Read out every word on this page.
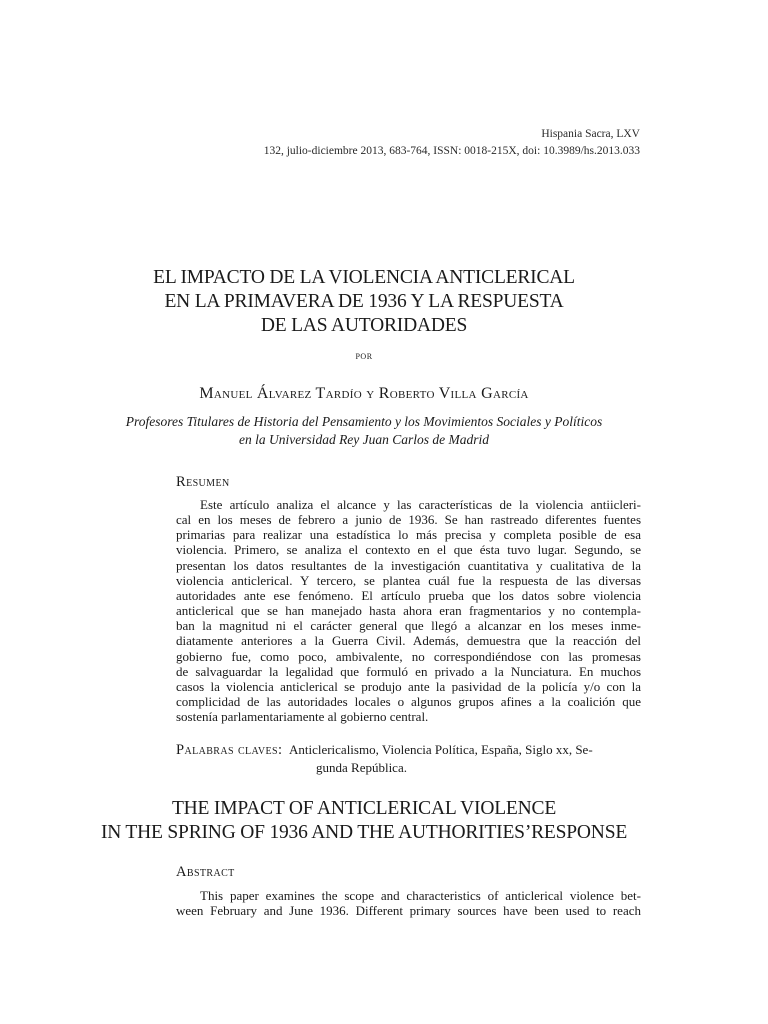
Hispania Sacra, LXV
132, julio-diciembre 2013, 683-764, ISSN: 0018-215X, doi: 10.3989/hs.2013.033
EL IMPACTO DE LA VIOLENCIA ANTICLERICAL
EN LA PRIMAVERA DE 1936 Y LA RESPUESTA
DE LAS AUTORIDADES
por
Manuel Álvarez Tardío y Roberto Villa García
Profesores Titulares de Historia del Pensamiento y los Movimientos Sociales y Políticos
en la Universidad Rey Juan Carlos de Madrid
Resumen
Este artículo analiza el alcance y las características de la violencia antiicleri-
cal en los meses de febrero a junio de 1936. Se han rastreado diferentes fuentes
primarias para realizar una estadística lo más precisa y completa posible de esa
violencia. Primero, se analiza el contexto en el que ésta tuvo lugar. Segundo, se
presentan los datos resultantes de la investigación cuantitativa y cualitativa de la
violencia anticlerical. Y tercero, se plantea cuál fue la respuesta de las diversas
autoridades ante ese fenómeno. El artículo prueba que los datos sobre violencia
anticlerical que se han manejado hasta ahora eran fragmentarios y no contempla-
ban la magnitud ni el carácter general que llegó a alcanzar en los meses inme-
diatamente anteriores a la Guerra Civil. Además, demuestra que la reacción del
gobierno fue, como poco, ambivalente, no correspondiéndose con las promesas
de salvaguardar la legalidad que formuló en privado a la Nunciatura. En muchos
casos la violencia anticlerical se produjo ante la pasividad de la policía y/o con la
complicidad de las autoridades locales o algunos grupos afines a la coalición que
sostenía parlamentariamente al gobierno central.
Palabras claves: Anticlericalismo, Violencia Política, España, Siglo xx, Se-
gunda República.
THE IMPACT OF ANTICLERICAL VIOLENCE
IN THE SPRING OF 1936 AND THE AUTHORITIES’RESPONSE
Abstract
This paper examines the scope and characteristics of anticlerical violence bet-
ween February and June 1936. Different primary sources have been used to reach
